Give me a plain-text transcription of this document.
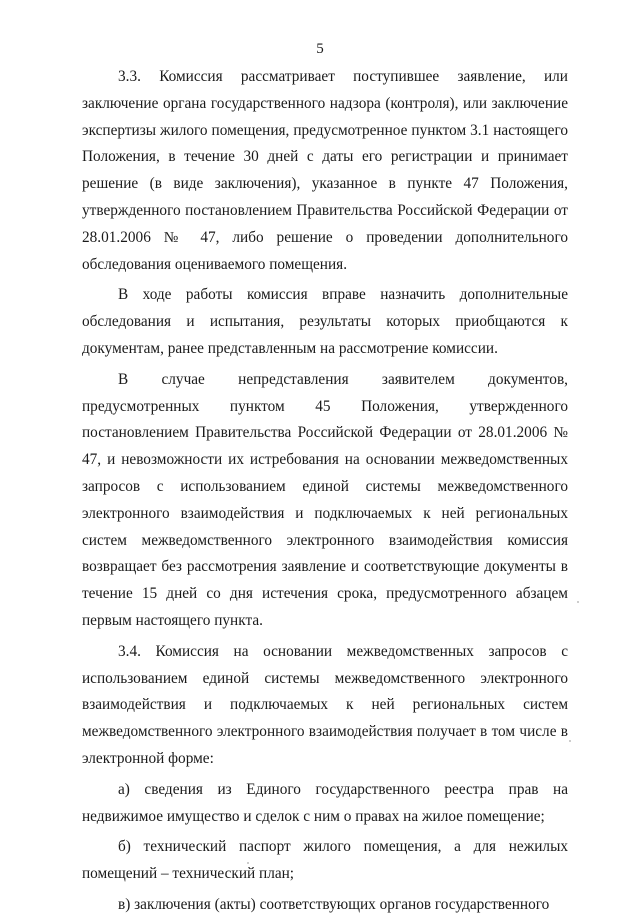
5

3.3. Комиссия рассматривает поступившее заявление, или заключение органа государственного надзора (контроля), или заключение экспертизы жилого помещения, предусмотренное пунктом 3.1 настоящего Положения, в течение 30 дней с даты его регистрации и принимает решение (в виде заключения), указанное в пункте 47 Положения, утвержденного постановлением Правительства Российской Федерации от 28.01.2006 № 47, либо решение о проведении дополнительного обследования оцениваемого помещения.

В ходе работы комиссия вправе назначить дополнительные обследования и испытания, результаты которых приобщаются к документам, ранее представленным на рассмотрение комиссии.

В случае непредставления заявителем документов, предусмотренных пунктом 45 Положения, утвержденного постановлением Правительства Российской Федерации от 28.01.2006 № 47, и невозможности их истребования на основании межведомственных запросов с использованием единой системы межведомственного электронного взаимодействия и подключаемых к ней региональных систем межведомственного электронного взаимодействия комиссия возвращает без рассмотрения заявление и соответствующие документы в течение 15 дней со дня истечения срока, предусмотренного абзацем первым настоящего пункта.

3.4. Комиссия на основании межведомственных запросов с использованием единой системы межведомственного электронного взаимодействия и подключаемых к ней региональных систем межведомственного электронного взаимодействия получает в том числе в электронной форме:

а) сведения из Единого государственного реестра прав на недвижимое имущество и сделок с ним о правах на жилое помещение;

б) технический паспорт жилого помещения, а для нежилых помещений – технический план;

в) заключения (акты) соответствующих органов государственного
